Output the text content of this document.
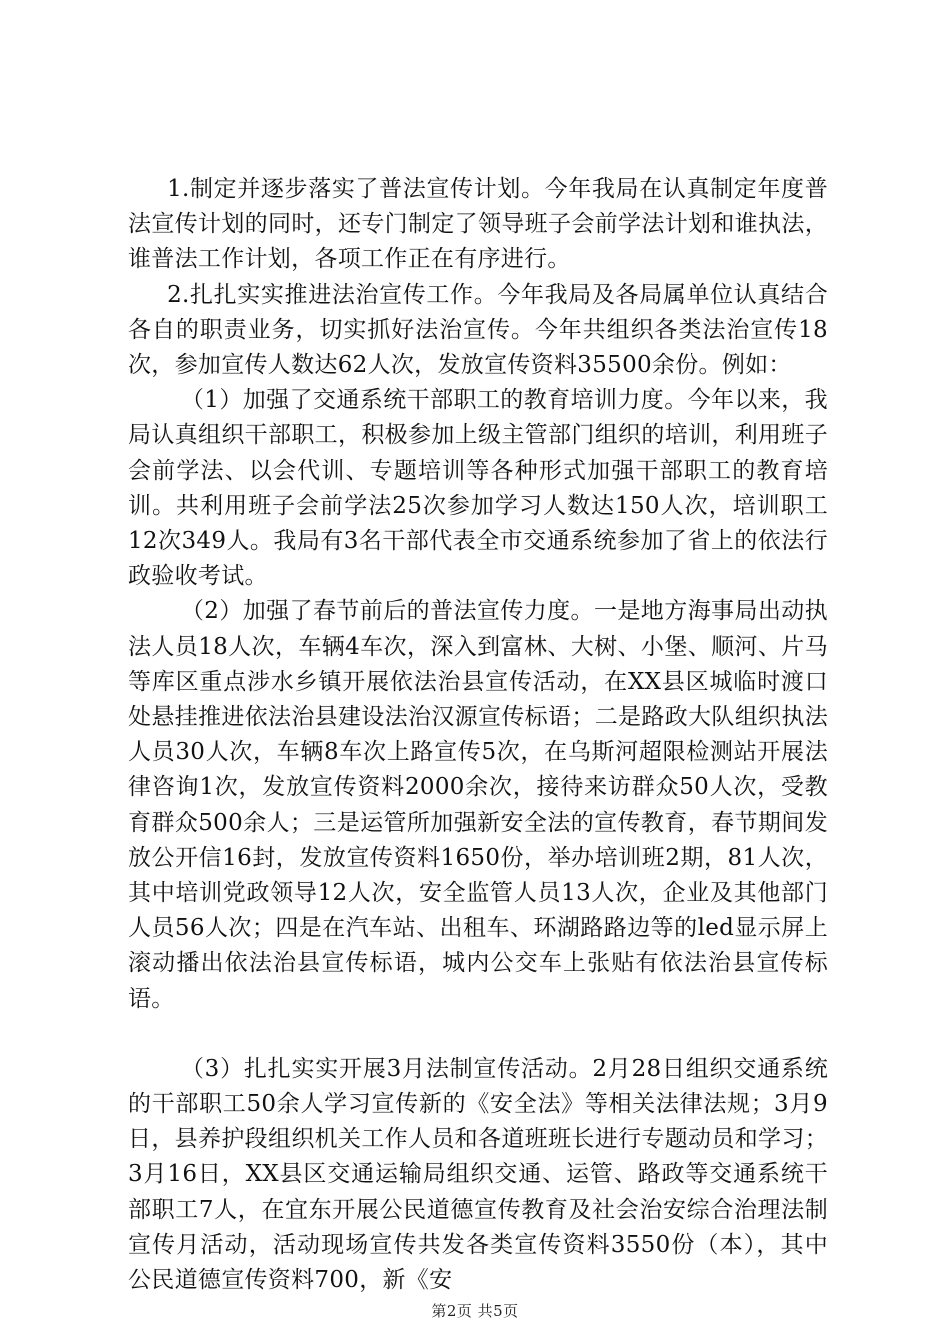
1.制定并逐步落实了普法宣传计划。今年我局在认真制定年度普法宣传计划的同时，还专门制定了领导班子会前学法计划和谁执法，谁普法工作计划，各项工作正在有序进行。

2.扎扎实实推进法治宣传工作。今年我局及各局属单位认真结合各自的职责业务，切实抓好法治宣传。今年共组织各类法治宣传18次，参加宣传人数达62人次，发放宣传资料35500余份。例如：

（1）加强了交通系统干部职工的教育培训力度。今年以来，我局认真组织干部职工，积极参加上级主管部门组织的培训，利用班子会前学法、以会代训、专题培训等各种形式加强干部职工的教育培训。共利用班子会前学法25次参加学习人数达150人次，培训职工12次349人。我局有3名干部代表全市交通系统参加了省上的依法行政验收考试。

（2）加强了春节前后的普法宣传力度。一是地方海事局出动执法人员18人次，车辆4车次，深入到富林、大树、小堡、顺河、片马等库区重点涉水乡镇开展依法治县宣传活动，在XX县区城临时渡口处悬挂推进依法治县建设法治汉源宣传标语；二是路政大队组织执法人员30人次，车辆8车次上路宣传5次，在乌斯河超限检测站开展法律咨询1次，发放宣传资料2000余次，接待来访群众50人次，受教育群众500余人；三是运管所加强新安全法的宣传教育，春节期间发放公开信16封，发放宣传资料1650份，举办培训班2期，81人次，其中培训党政领导12人次，安全监管人员13人次，企业及其他部门人员56人次；四是在汽车站、出租车、环湖路路边等的led显示屏上滚动播出依法治县宣传标语，城内公交车上张贴有依法治县宣传标语。

（3）扎扎实实开展3月法制宣传活动。2月28日组织交通系统的干部职工50余人学习宣传新的《安全法》等相关法律法规；3月9日，县养护段组织机关工作人员和各道班班长进行专题动员和学习；3月16日，XX县区交通运输局组织交通、运管、路政等交通系统干部职工7人，在宜东开展公民道德宣传教育及社会治安综合治理法制宣传月活动，活动现场宣传共发各类宣传资料3550份（本），其中公民道德宣传资料700，新《安

第2页 共5页
